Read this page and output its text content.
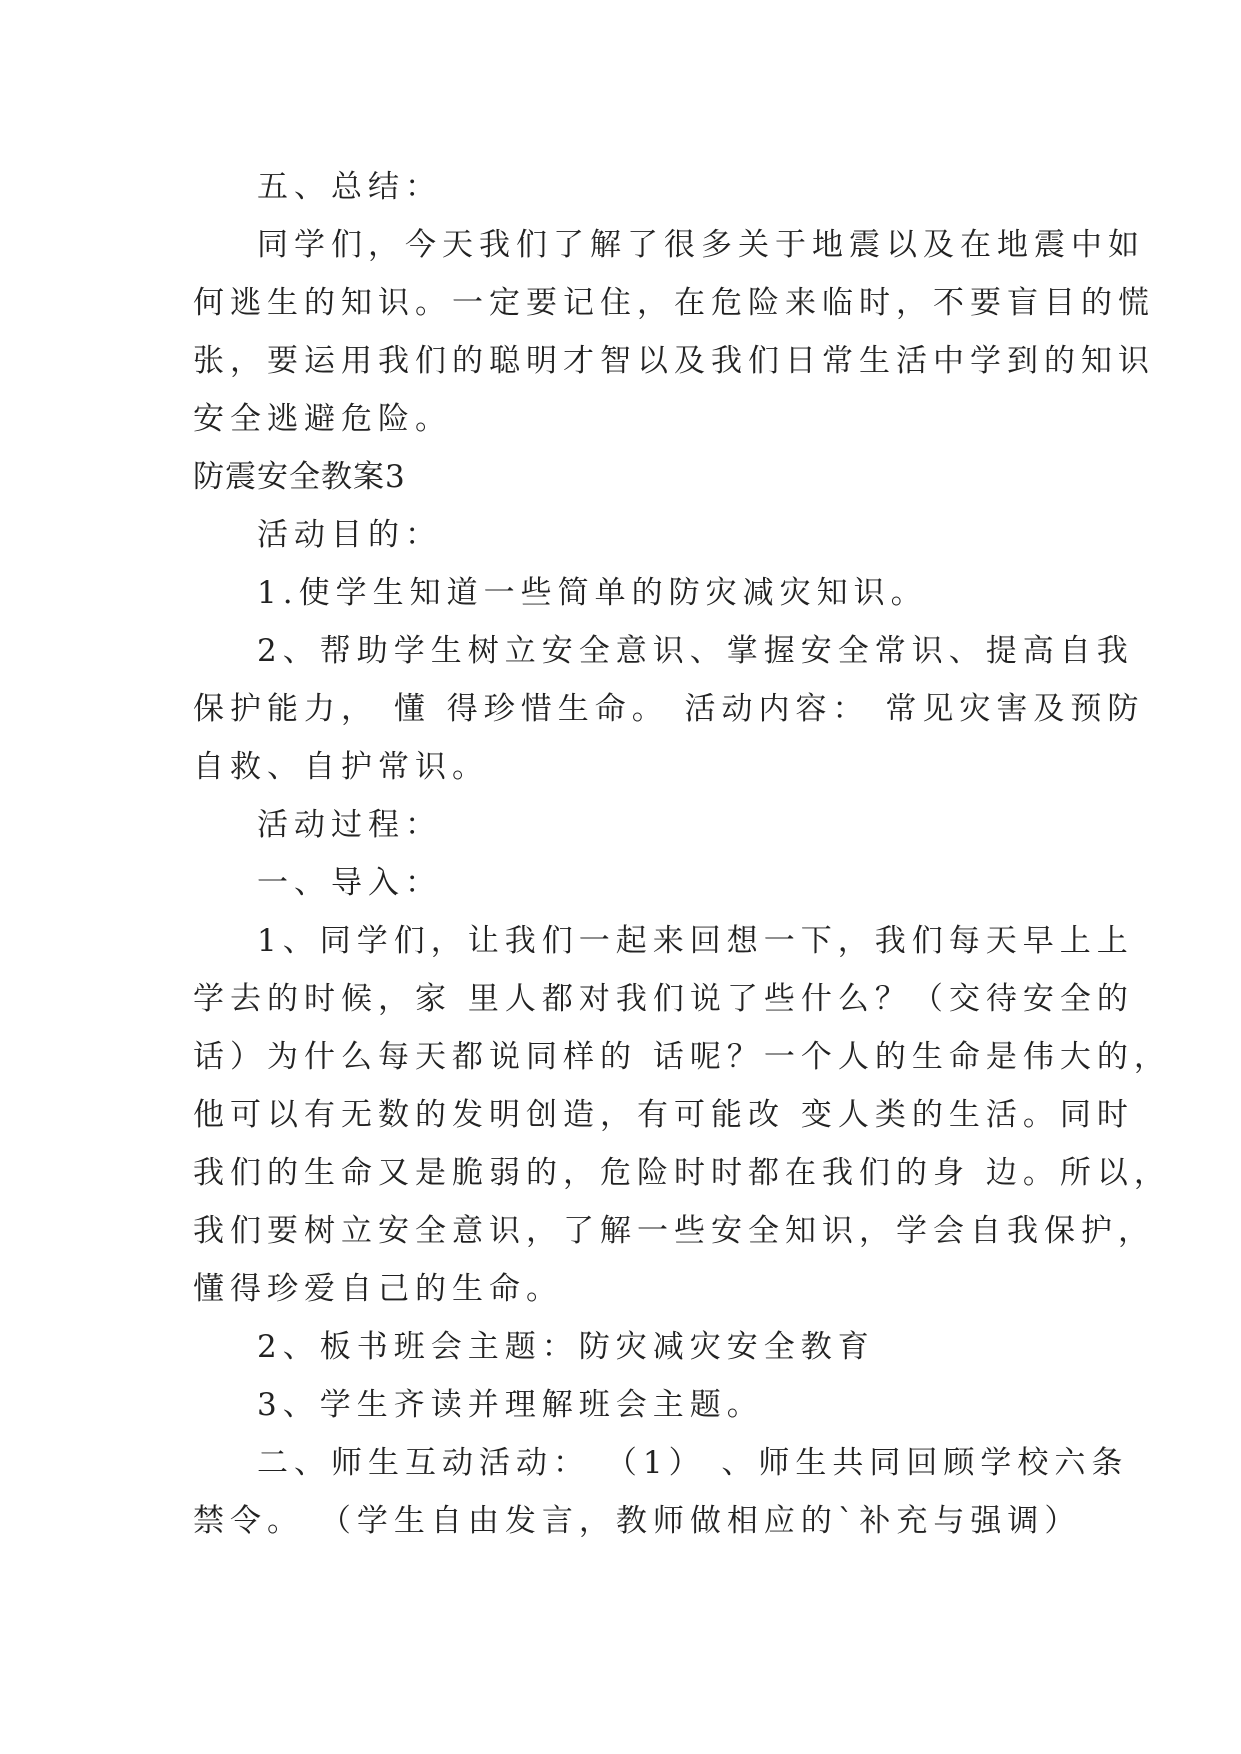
五、总结：
同学们，今天我们了解了很多关于地震以及在地震中如
何逃生的知识。一定要记住，在危险来临时，不要盲目的慌
张，要运用我们的聪明才智以及我们日常生活中学到的知识
安全逃避危险。
防震安全教案3
活动目的：
1.使学生知道一些简单的防灾减灾知识。
2、帮助学生树立安全意识、掌握安全常识、提高自我
保护能力， 懂 得珍惜生命。 活动内容： 常见灾害及预防
自救、自护常识。
活动过程：
一、导入：
1、同学们，让我们一起来回想一下，我们每天早上上
学去的时候，家 里人都对我们说了些什么？（交待安全的
话）为什么每天都说同样的 话呢？一个人的生命是伟大的，
他可以有无数的发明创造，有可能改 变人类的生活。同时
我们的生命又是脆弱的，危险时时都在我们的身 边。所以，
我们要树立安全意识，了解一些安全知识，学会自我保护，
懂得珍爱自己的生命。
2、板书班会主题：防灾减灾安全教育
3、学生齐读并理解班会主题。
二、师生互动活动： （1） 、师生共同回顾学校六条
禁令。 （学生自由发言，教师做相应的`补充与强调）
